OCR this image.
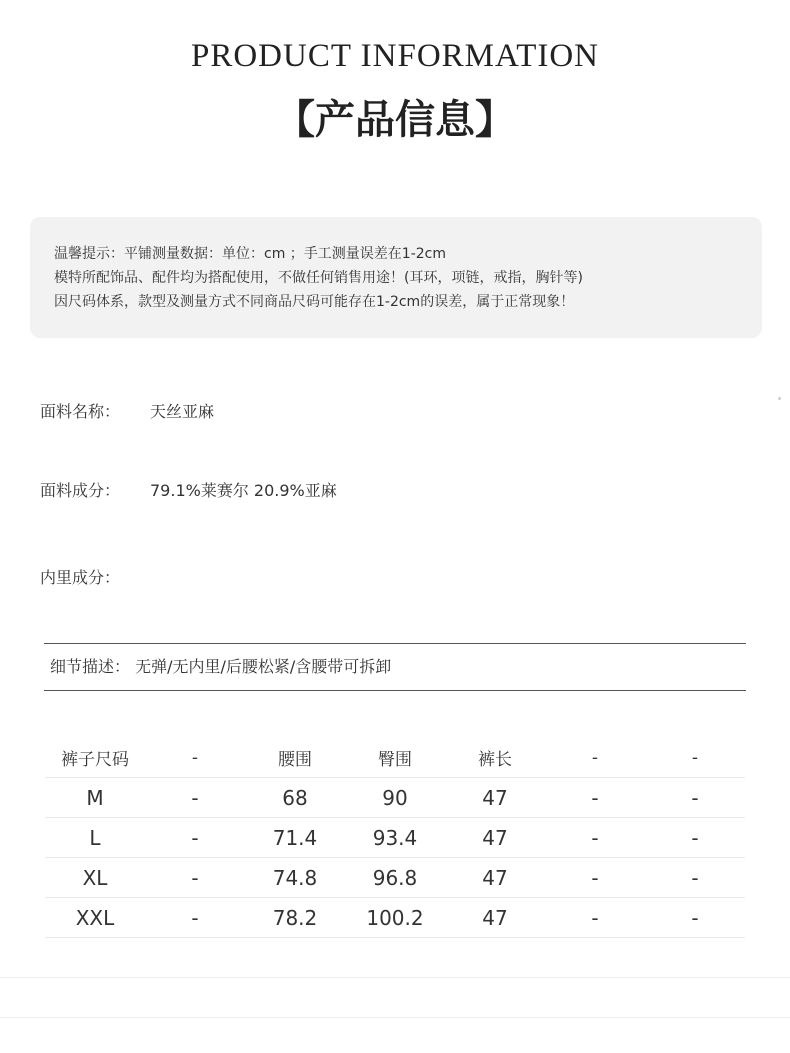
PRODUCT INFORMATION
【产品信息】
温馨提示：平铺测量数据：单位：cm ；手工测量误差在1-2cm
模特所配饰品、配件均为搭配使用，不做任何销售用途！(耳环，项链，戒指，胸针等)
因尺码体系，款型及测量方式不同商品尺码可能存在1-2cm的误差，属于正常现象！
面料名称： 天丝亚麻
面料成分： 79.1%莱赛尔 20.9%亚麻
内里成分：
细节描述： 无弹/无内里/后腰松紧/含腰带可拆卸
裤子尺码	-	腰围	臀围	裤长	-	-
M	-	68	90	47	-	-
L	-	71.4	93.4	47	-	-
XL	-	74.8	96.8	47	-	-
XXL	-	78.2	100.2	47	-	-
